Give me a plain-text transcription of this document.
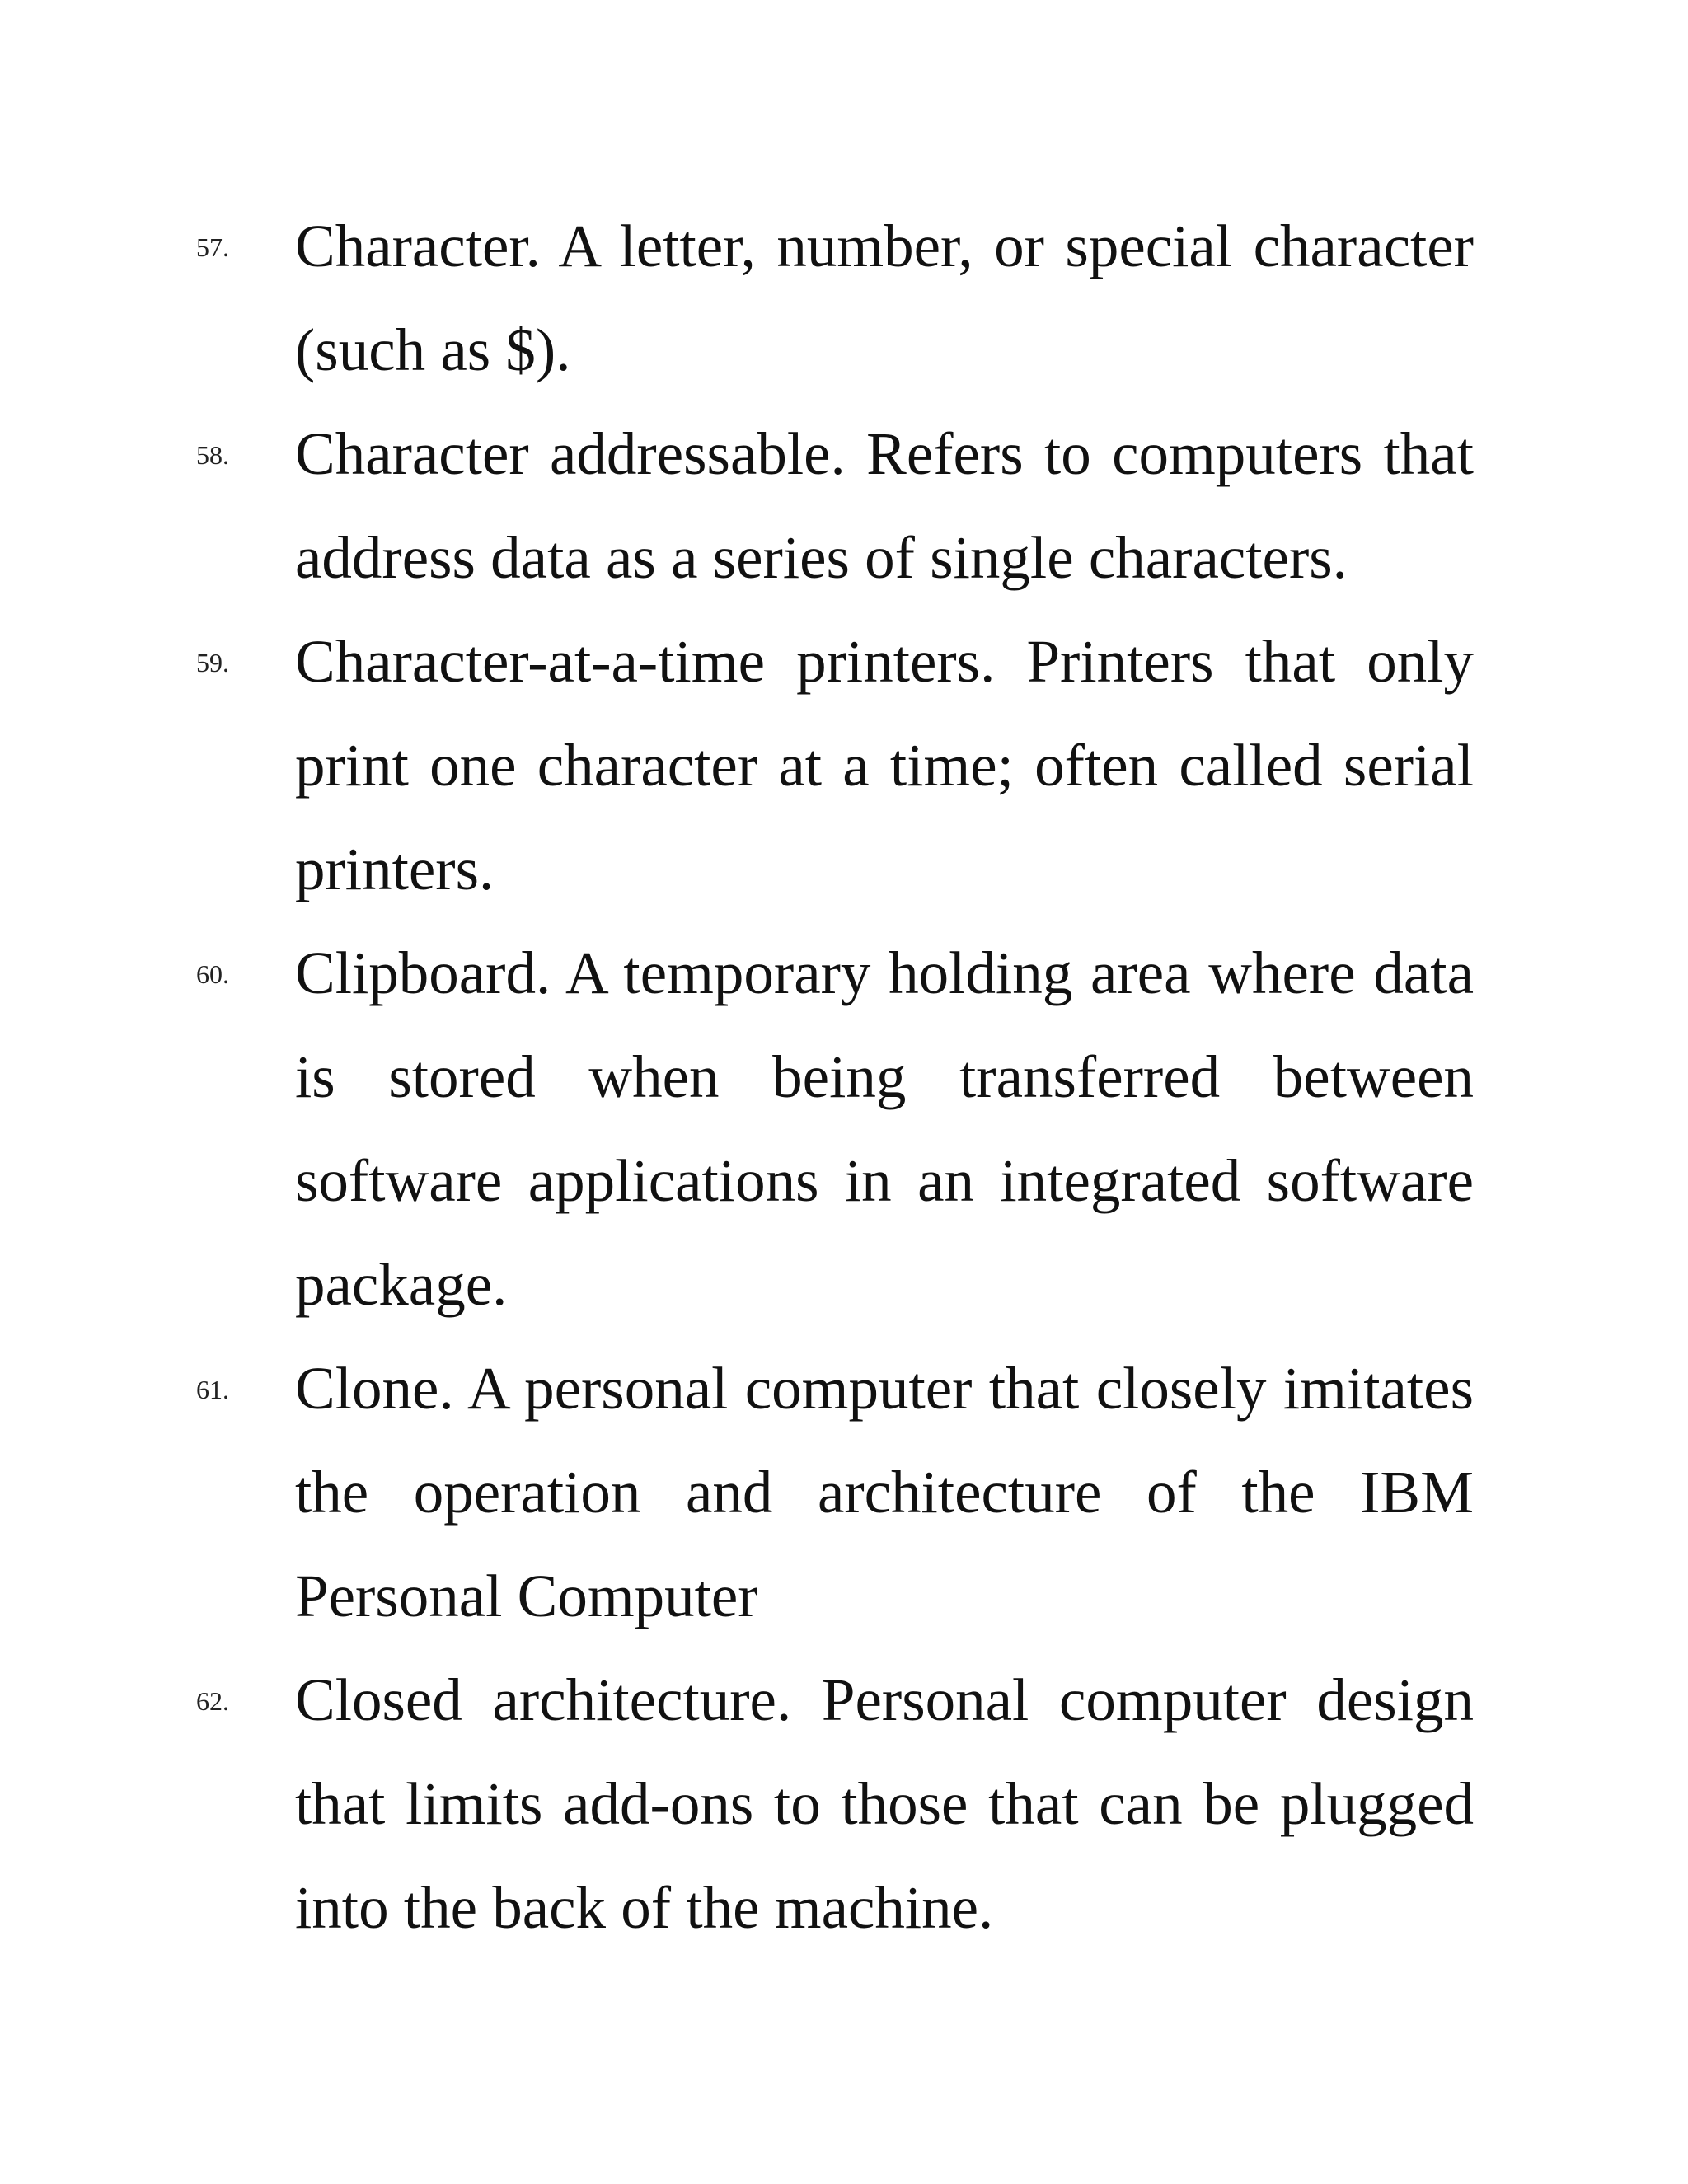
57. Character. A letter, number, or special character (such as $).

58. Character addressable. Refers to computers that address data as a series of single characters.

59. Character-at-a-time printers. Printers that only print one character at a time; often called serial printers.

60. Clipboard. A temporary holding area where data is stored when being transferred between software applications in an integrated software package.

61. Clone. A personal computer that closely imitates the operation and architecture of the IBM Personal Computer

62. Closed architecture. Personal computer design that limits add-ons to those that can be plugged into the back of the machine.
